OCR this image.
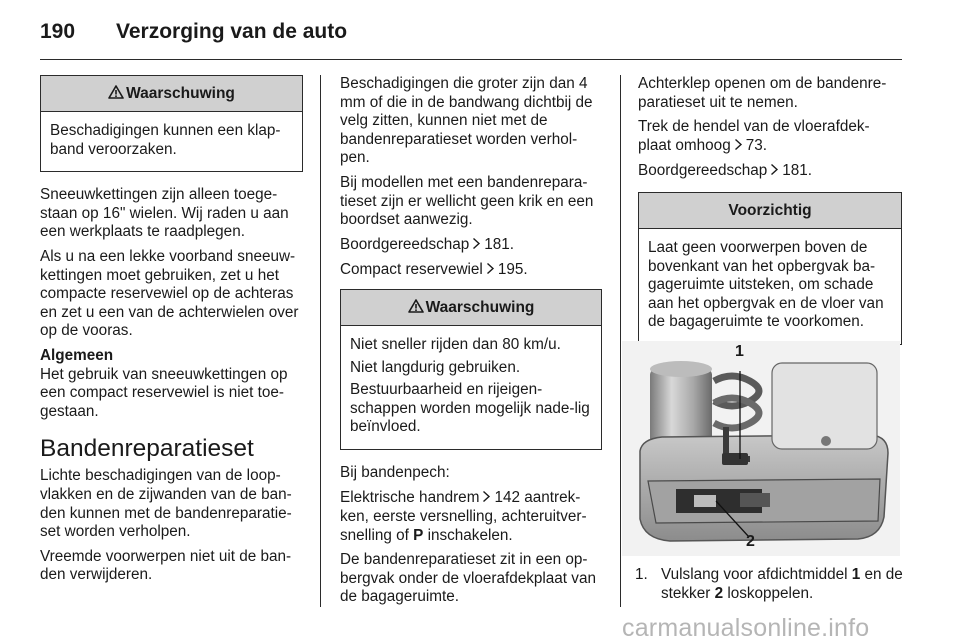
190 Verzorging van de auto
Waarschuwing

Beschadigingen kunnen een klap-band veroorzaken.

Sneeuwkettingen zijn alleen toege-staan op 16" wielen. Wij raden u aan een werkplaats te raadplegen.

Als u na een lekke voorband sneeuw-kettingen moet gebruiken, zet u het compacte reservewiel op de achteras en zet u een van de achterwielen over op de vooras.

Algemeen

Het gebruik van sneeuwkettingen op een compact reservewiel is niet toe-gestaan.

Bandenreparatieset

Lichte beschadigingen van de loop-vlakken en de zijwanden van de ban-den kunnen met de bandenreparatie-set worden verholpen.

Vreemde voorwerpen niet uit de ban-den verwijderen.

Beschadigingen die groter zijn dan 4 mm of die in de bandwang dichtbij de velg zitten, kunnen niet met de bandenreparatieset worden verhol-pen.

Bij modellen met een bandenrepara-tieset zijn er wellicht geen krik en een boordset aanwezig.

Boordgereedschap 181.

Compact reservewiel 195.

Waarschuwing

Niet sneller rijden dan 80 km/u.

Niet langdurig gebruiken.

Bestuurbaarheid en rijeigen-schappen worden mogelijk nade-lig beïnvloed.

Bij bandenpech:

Elektrische handrem 142 aantrek-ken, eerste versnelling, achteruitver-snelling of P inschakelen.

De bandenreparatieset zit in een op-bergvak onder de vloerafdekplaat van de bagageruimte.

Achterklep openen om de bandenre-paratieset uit te nemen.

Trek de hendel van de vloerafdek-plaat omhoog 73.

Boordgereedschap 181.

Voorzichtig

Laat geen voorwerpen boven de bovenkant van het opbergvak ba-gageruimte uitsteken, om schade aan het opbergvak en de vloer van de bagageruimte te voorkomen.

1
2
1. Vulslang voor afdichtmiddel 1 en de stekker 2 loskoppelen.
carmanualsonline.info
